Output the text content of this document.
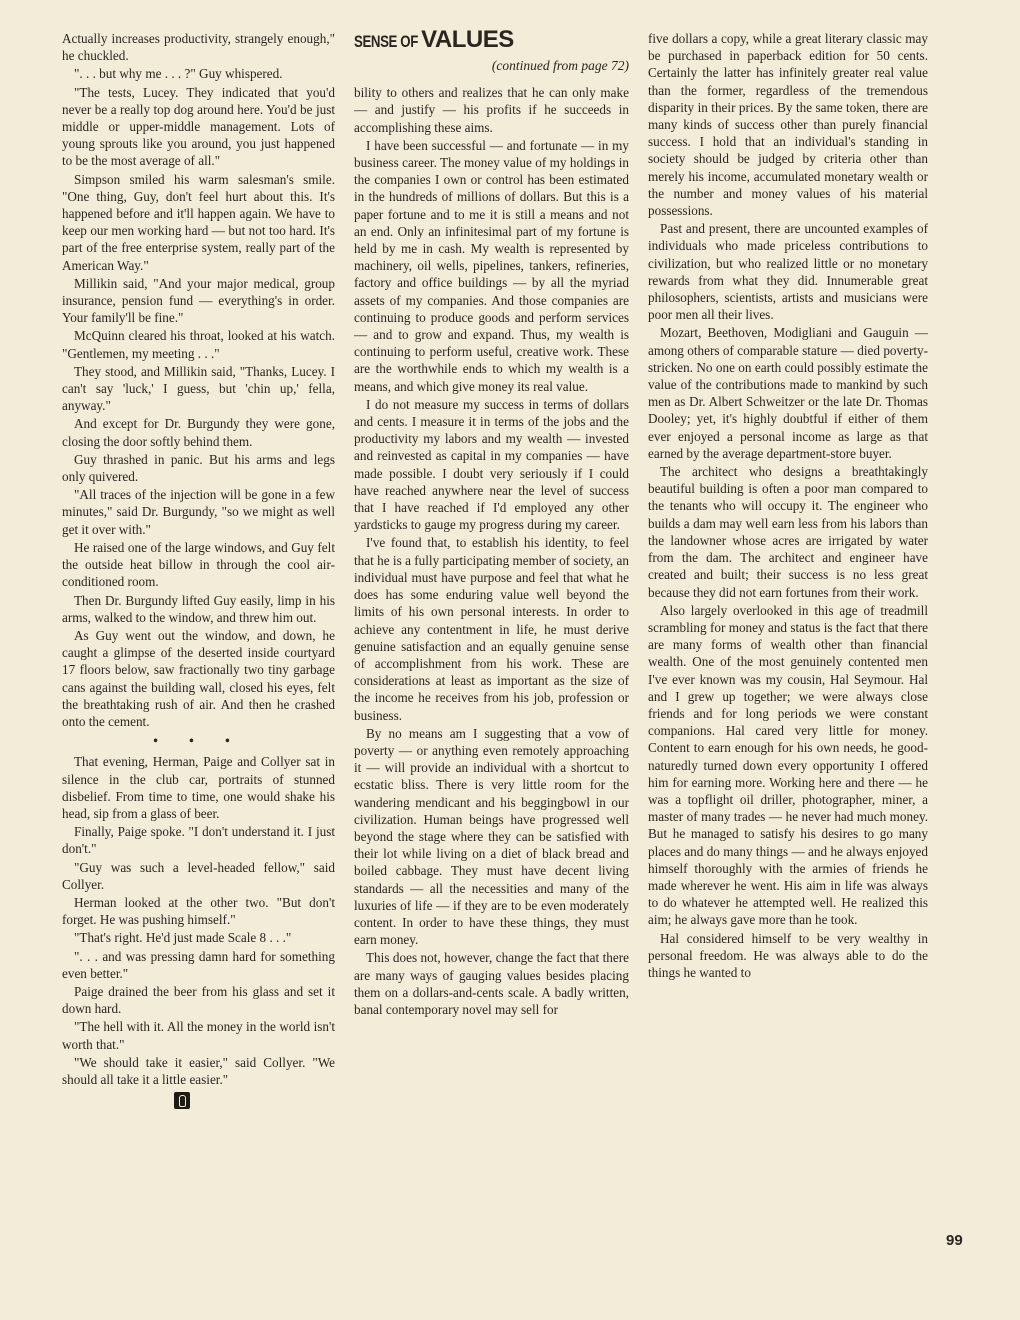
Actually increases productivity, strangely enough," he chuckled.

". . . but why me . . . ?" Guy whispered.

"The tests, Lucey. They indicated that you'd never be a really top dog around here. You'd be just middle or upper-middle management. Lots of young sprouts like you around, you just happened to be the most average of all."

Simpson smiled his warm salesman's smile. "One thing, Guy, don't feel hurt about this. It's happened before and it'll happen again. We have to keep our men working hard — but not too hard. It's part of the free enterprise system, really part of the American Way."

Millikin said, "And your major medical, group insurance, pension fund — everything's in order. Your family'll be fine."

McQuinn cleared his throat, looked at his watch. "Gentlemen, my meeting . . ."

They stood, and Millikin said, "Thanks, Lucey. I can't say 'luck,' I guess, but 'chin up,' fella, anyway."

And except for Dr. Burgundy they were gone, closing the door softly behind them.

Guy thrashed in panic. But his arms and legs only quivered.

"All traces of the injection will be gone in a few minutes," said Dr. Burgundy, "so we might as well get it over with."

He raised one of the large windows, and Guy felt the outside heat billow in through the cool air-conditioned room.

Then Dr. Burgundy lifted Guy easily, limp in his arms, walked to the window, and threw him out.

As Guy went out the window, and down, he caught a glimpse of the deserted inside courtyard 17 floors below, saw fractionally two tiny garbage cans against the building wall, closed his eyes, felt the breathtaking rush of air. And then he crashed onto the cement.

• • •

That evening, Herman, Paige and Collyer sat in silence in the club car, portraits of stunned disbelief. From time to time, one would shake his head, sip from a glass of beer.

Finally, Paige spoke. "I don't understand it. I just don't."

"Guy was such a level-headed fellow," said Collyer.

Herman looked at the other two. "But don't forget. He was pushing himself."

"That's right. He'd just made Scale 8 . . ."

". . . and was pressing damn hard for something even better."

Paige drained the beer from his glass and set it down hard.

"The hell with it. All the money in the world isn't worth that."

"We should take it easier," said Collyer. "We should all take it a little easier."

SENSE OF VALUES
(continued from page 72)

bility to others and realizes that he can only make — and justify — his profits if he succeeds in accomplishing these aims.

I have been successful — and fortunate — in my business career. The money value of my holdings in the companies I own or control has been estimated in the hundreds of millions of dollars. But this is a paper fortune and to me it is still a means and not an end. Only an infinitesimal part of my fortune is held by me in cash. My wealth is represented by machinery, oil wells, pipelines, tankers, refineries, factory and office buildings — by all the myriad assets of my companies. And those companies are continuing to produce goods and perform services — and to grow and expand. Thus, my wealth is continuing to perform useful, creative work. These are the worthwhile ends to which my wealth is a means, and which give money its real value.

I do not measure my success in terms of dollars and cents. I measure it in terms of the jobs and the productivity my labors and my wealth — invested and reinvested as capital in my companies — have made possible. I doubt very seriously if I could have reached anywhere near the level of success that I have reached if I'd employed any other yardsticks to gauge my progress during my career.

I've found that, to establish his identity, to feel that he is a fully participating member of society, an individual must have purpose and feel that what he does has some enduring value well beyond the limits of his own personal interests. In order to achieve any contentment in life, he must derive genuine satisfaction and an equally genuine sense of accomplishment from his work. These are considerations at least as important as the size of the income he receives from his job, profession or business.

By no means am I suggesting that a vow of poverty — or anything even remotely approaching it — will provide an individual with a shortcut to ecstatic bliss. There is very little room for the wandering mendicant and his beggingbowl in our civilization. Human beings have progressed well beyond the stage where they can be satisfied with their lot while living on a diet of black bread and boiled cabbage. They must have decent living standards — all the necessities and many of the luxuries of life — if they are to be even moderately content. In order to have these things, they must earn money.

This does not, however, change the fact that there are many ways of gauging values besides placing them on a dollars-and-cents scale. A badly written, banal contemporary novel may sell for

five dollars a copy, while a great literary classic may be purchased in paperback edition for 50 cents. Certainly the latter has infinitely greater real value than the former, regardless of the tremendous disparity in their prices. By the same token, there are many kinds of success other than purely financial success. I hold that an individual's standing in society should be judged by criteria other than merely his income, accumulated monetary wealth or the number and money values of his material possessions.

Past and present, there are uncounted examples of individuals who made priceless contributions to civilization, but who realized little or no monetary rewards from what they did. Innumerable great philosophers, scientists, artists and musicians were poor men all their lives.

Mozart, Beethoven, Modigliani and Gauguin — among others of comparable stature — died poverty-stricken. No one on earth could possibly estimate the value of the contributions made to mankind by such men as Dr. Albert Schweitzer or the late Dr. Thomas Dooley; yet, it's highly doubtful if either of them ever enjoyed a personal income as large as that earned by the average department-store buyer.

The architect who designs a breathtakingly beautiful building is often a poor man compared to the tenants who will occupy it. The engineer who builds a dam may well earn less from his labors than the landowner whose acres are irrigated by water from the dam. The architect and engineer have created and built; their success is no less great because they did not earn fortunes from their work.

Also largely overlooked in this age of treadmill scrambling for money and status is the fact that there are many forms of wealth other than financial wealth. One of the most genuinely contented men I've ever known was my cousin, Hal Seymour. Hal and I grew up together; we were always close friends and for long periods we were constant companions. Hal cared very little for money. Content to earn enough for his own needs, he good-naturedly turned down every opportunity I offered him for earning more. Working here and there — he was a topflight oil driller, photographer, miner, a master of many trades — he never had much money. But he managed to satisfy his desires to go many places and do many things — and he always enjoyed himself thoroughly with the armies of friends he made wherever he went. His aim in life was always to do whatever he attempted well. He realized this aim; he always gave more than he took.

Hal considered himself to be very wealthy in personal freedom. He was always able to do the things he wanted to

99
